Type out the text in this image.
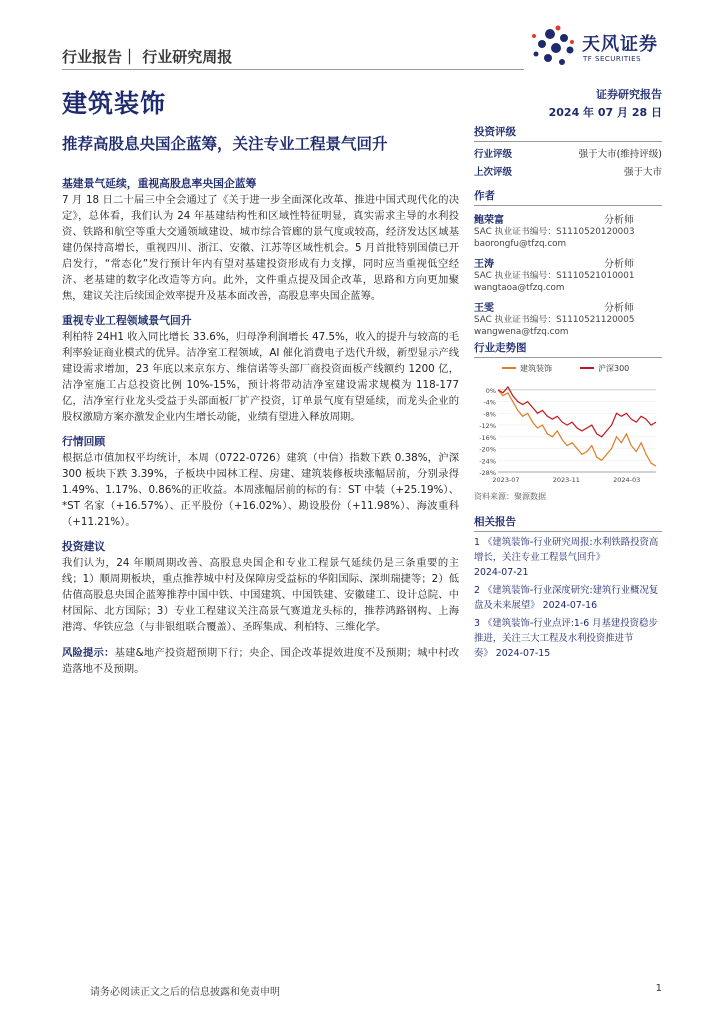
行业报告｜ 行业研究周报
建筑装饰
推荐高股息央国企蓝筹，关注专业工程景气回升
天风证券
TF SECURITIES
证券研究报告
2024 年 07 月 28 日

基建景气延续，重视高股息率央国企蓝筹

7 月 18 日二十届三中全会通过了《关于进一步全面深化改革、推进中国式现代化的决定》，总体看，我们认为 24 年基建结构性和区域性特征明显，真实需求主导的水利投资、铁路和航空等重大交通领域建设、城市综合管廊的景气度或较高，经济发达区域基建仍保持高增长，重视四川、浙江、安徽、江苏等区域性机会。5 月首批特别国债已开启发行，“常态化”发行预计年内有望对基建投资形成有力支撑，同时应当重视低空经济、老基建的数字化改造等方向。此外，文件重点提及国企改革，思路和方向更加聚焦，建议关注后续国企效率提升及基本面改善，高股息率央国企蓝筹。

重视专业工程领域景气回升

利柏特 24H1 收入同比增长 33.6%，归母净利润增长 47.5%，收入的提升与较高的毛利率验证商业模式的优异。洁净室工程领域，AI 催化消费电子迭代升级，新型显示产线建设需求增加，23 年底以来京东方、维信诺等头部厂商投资面板产线额约 1200 亿，洁净室施工占总投资比例 10%-15%，预计将带动洁净室建设需求规模为 118-177 亿，洁净室行业龙头受益于头部面板厂扩产投资，订单景气度有望延续，而龙头企业的股权激励方案亦激发企业内生增长动能，业绩有望进入释放周期。

行情回顾

根据总市值加权平均统计，本周（0722-0726）建筑（中信）指数下跌 0.38%，沪深 300 板块下跌 3.39%，子板块中园林工程、房建、建筑装修板块涨幅居前，分别录得 1.49%、1.17%、0.86%的正收益。本周涨幅居前的标的有：ST 中装（+25.19%）、*ST 名家（+16.57%）、正平股份（+16.02%）、勘设股份（+11.98%）、海波重科（+11.21%）。

投资建议

我们认为，24 年顺周期改善、高股息央国企和专业工程景气延续仍是三条重要的主线；1）顺周期板块，重点推荐城中村及保障房受益标的华阳国际、深圳瑞捷等；2）低估值高股息央国企蓝筹推荐中国中铁、中国建筑、中国铁建、安徽建工、设计总院、中材国际、北方国际；3）专业工程建议关注高景气赛道龙头标的，推荐鸿路钢构、上海港湾、华铁应急（与非银组联合覆盖）、圣晖集成、利柏特、三维化学。

风险提示：基建&地产投资超预期下行；央企、国企改革提效进度不及预期；城中村改造落地不及预期。

投资评级
行业评级	强于大市(维持评级)
上次评级	强于大市
作者
鲍荣富	分析师
SAC 执业证书编号：S1110520120003
baorongfu@tfzq.com
王涛	分析师
SAC 执业证书编号：S1110521010001
wangtaoa@tfzq.com
王雯	分析师
SAC 执业证书编号：S1110521120005
wangwena@tfzq.com
行业走势图
建筑装饰	沪深300
0%
-4%
-8%
-12%
-16%
-20%
-24%
-28%
2023-07	2023-11	2024-03
资料来源：聚源数据
相关报告
1 《建筑装饰-行业研究周报:水利铁路投资高增长，关注专业工程景气回升》
2024-07-21
2 《建筑装饰-行业深度研究:建筑行业概况复盘及未来展望》 2024-07-16
3 《建筑装饰-行业点评:1-6 月基建投资稳步推进，关注三大工程及水利投资推进节奏》 2024-07-15
请务必阅读正文之后的信息披露和免责申明	1
